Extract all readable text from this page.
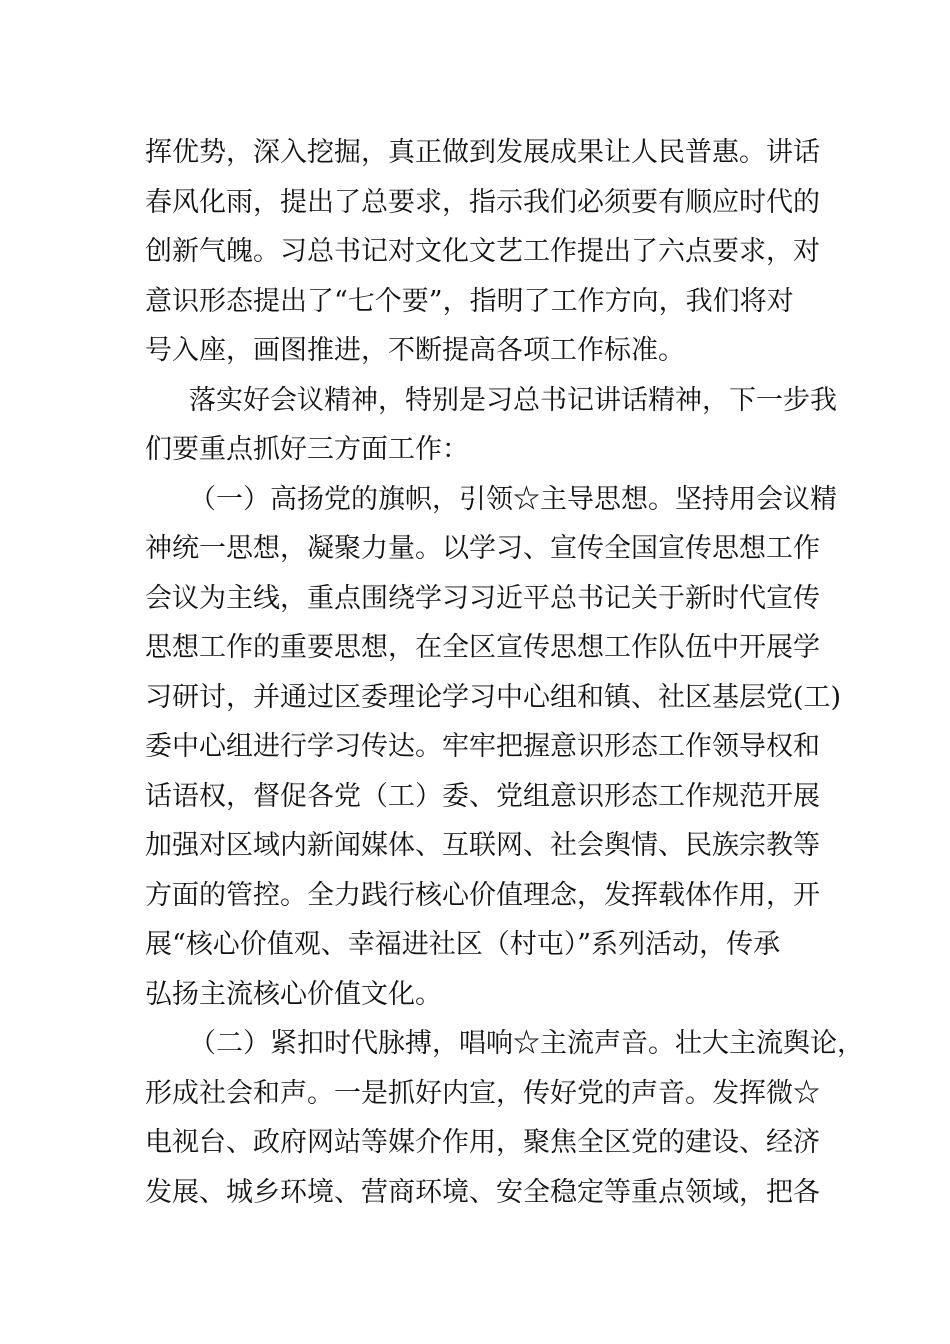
挥优势，深入挖掘，真正做到发展成果让人民普惠。讲话
春风化雨，提出了总要求，指示我们必须要有顺应时代的
创新气魄。习总书记对文化文艺工作提出了六点要求，对
意识形态提出了“七个要”，指明了工作方向，我们将对
号入座，画图推进，不断提高各项工作标准。
落实好会议精神，特别是习总书记讲话精神，下一步我
们要重点抓好三方面工作：
（一）高扬党的旗帜，引领☆主导思想。坚持用会议精
神统一思想，凝聚力量。以学习、宣传全国宣传思想工作
会议为主线，重点围绕学习习近平总书记关于新时代宣传
思想工作的重要思想，在全区宣传思想工作队伍中开展学
习研讨，并通过区委理论学习中心组和镇、社区基层党(工)
委中心组进行学习传达。牢牢把握意识形态工作领导权和
话语权，督促各党（工）委、党组意识形态工作规范开展
加强对区域内新闻媒体、互联网、社会舆情、民族宗教等
方面的管控。全力践行核心价值理念，发挥载体作用，开
展“核心价值观、幸福进社区（村屯）”系列活动，传承
弘扬主流核心价值文化。
（二）紧扣时代脉搏，唱响☆主流声音。壮大主流舆论，
形成社会和声。一是抓好内宣，传好党的声音。发挥微☆
电视台、政府网站等媒介作用，聚焦全区党的建设、经济
发展、城乡环境、营商环境、安全稳定等重点领域，把各
